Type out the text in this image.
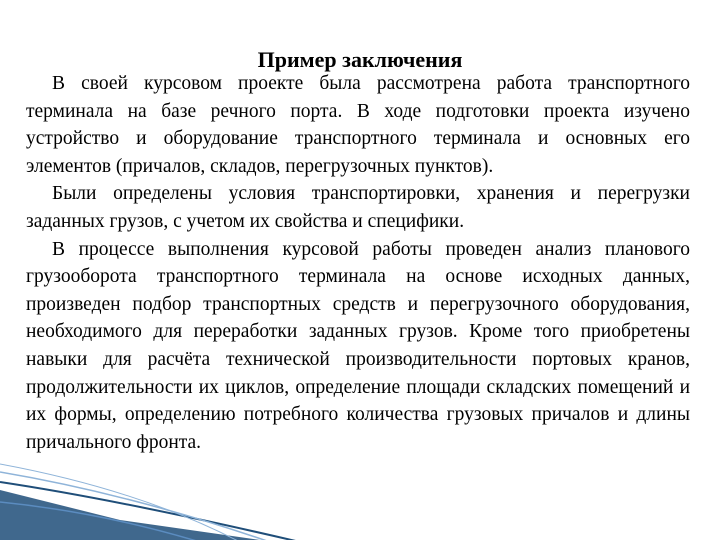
Пример заключения

В своей курсовом проекте была рассмотрена работа транспортного терминала на базе речного порта. В ходе подготовки проекта изучено устройство и оборудование транспортного терминала и основных его элементов (причалов, складов, перегрузочных пунктов).

Были определены условия транспортировки, хранения и перегрузки заданных грузов, с учетом их свойства и специфики.

В процессе выполнения курсовой работы проведен анализ планового грузооборота транспортного терминала на основе исходных данных, произведен подбор транспортных средств и перегрузочного оборудования, необходимого для переработки заданных грузов. Кроме того приобретены навыки для расчёта технической производительности портовых кранов, продолжительности их циклов, определение площади складских помещений и их формы, определению потребного количества грузовых причалов и длины причального фронта.
